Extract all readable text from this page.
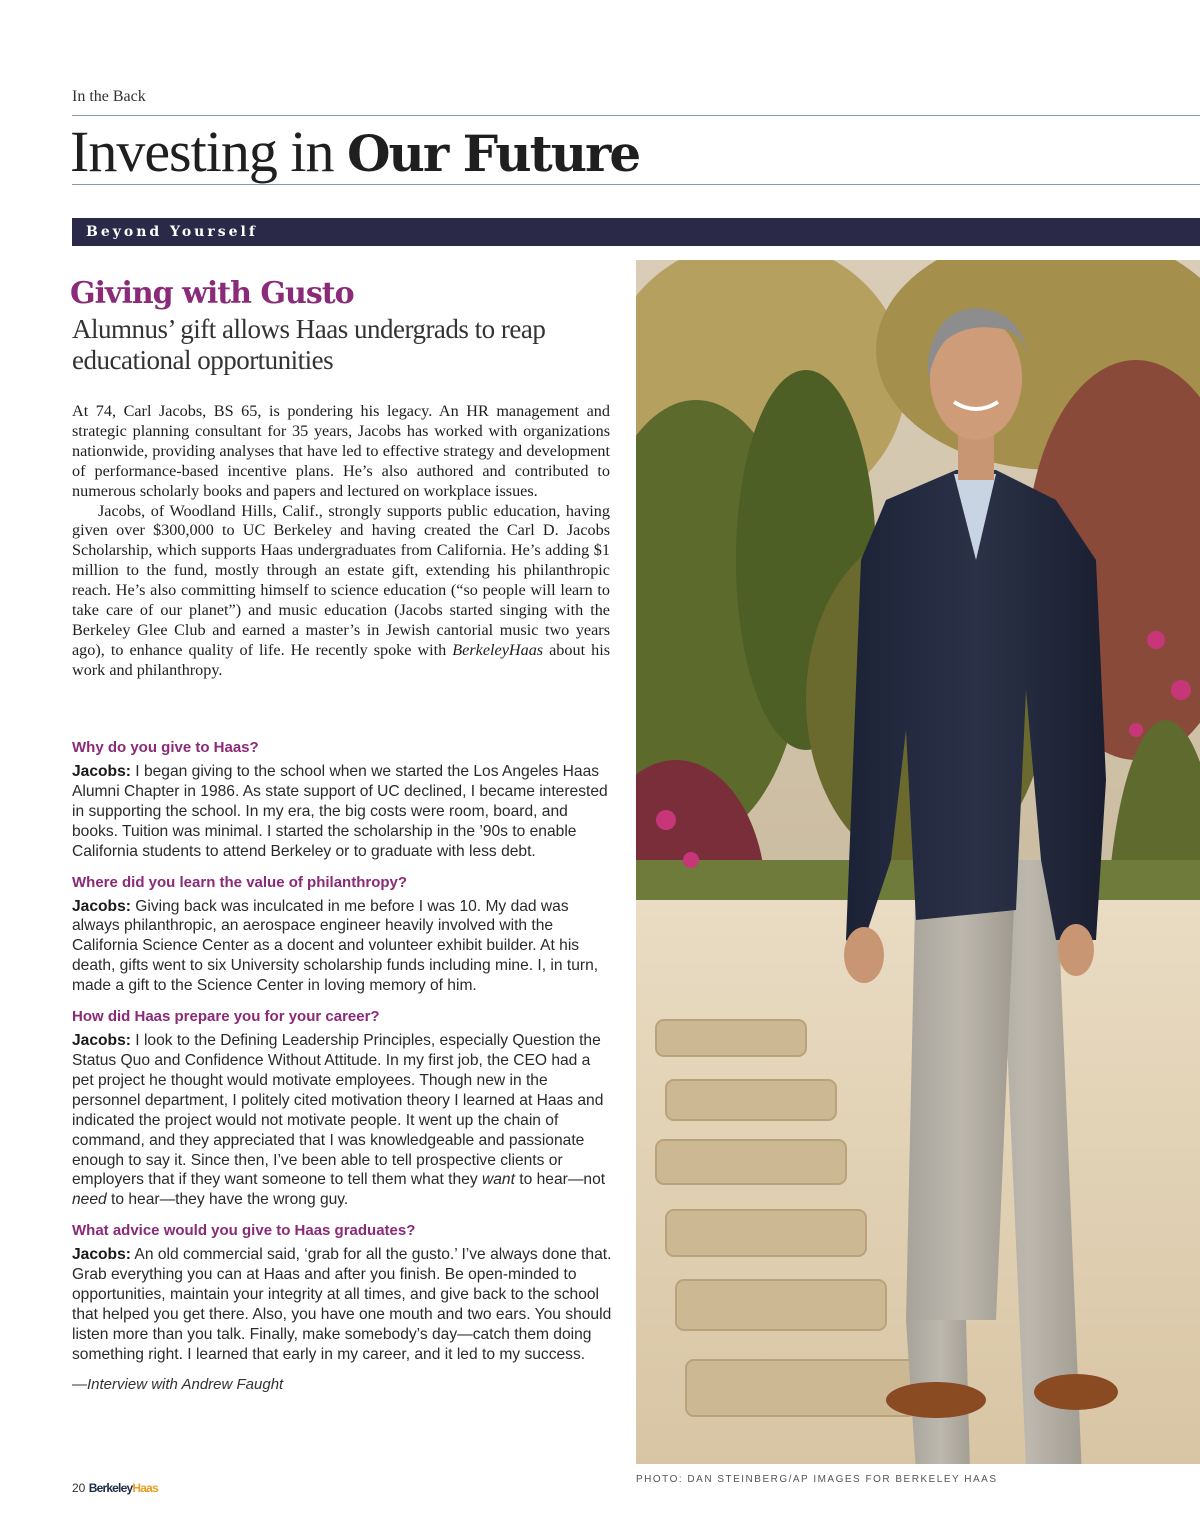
In the Back
Investing in Our Future
Beyond Yourself
Giving with Gusto
Alumnus’ gift allows Haas undergrads to reap educational opportunities

At 74, Carl Jacobs, BS 65, is pondering his legacy. An HR management and strategic planning consultant for 35 years, Jacobs has worked with organizations nationwide, providing analyses that have led to effective strategy and development of performance-based incentive plans. He’s also authored and contributed to numerous scholarly books and papers and lectured on workplace issues.

Jacobs, of Woodland Hills, Calif., strongly supports public education, having given over $300,000 to UC Berkeley and having created the Carl D. Jacobs Scholarship, which supports Haas undergraduates from California. He’s adding $1 million to the fund, mostly through an estate gift, extending his philanthropic reach. He’s also committing himself to science education (“so people will learn to take care of our planet”) and music education (Jacobs started singing with the Berkeley Glee Club and earned a master’s in Jewish cantorial music two years ago), to enhance quality of life. He recently spoke with BerkeleyHaas about his work and philanthropy.

Why do you give to Haas?

Jacobs: I began giving to the school when we started the Los Angeles Haas Alumni Chapter in 1986. As state support of UC declined, I became interested in supporting the school. In my era, the big costs were room, board, and books. Tuition was minimal. I started the scholarship in the ’90s to enable California students to attend Berkeley or to graduate with less debt.

Where did you learn the value of philanthropy?

Jacobs: Giving back was inculcated in me before I was 10. My dad was always philanthropic, an aerospace engineer heavily involved with the California Science Center as a docent and volunteer exhibit builder. At his death, gifts went to six University scholarship funds including mine. I, in turn, made a gift to the Science Center in loving memory of him.

How did Haas prepare you for your career?

Jacobs: I look to the Defining Leadership Principles, especially Question the Status Quo and Confidence Without Attitude. In my first job, the CEO had a pet project he thought would motivate employees. Though new in the personnel department, I politely cited motivation theory I learned at Haas and indicated the project would not motivate people. It went up the chain of command, and they appreciated that I was knowledgeable and passionate enough to say it. Since then, I’ve been able to tell prospective clients or employers that if they want someone to tell them what they want to hear—not need to hear—they have the wrong guy.

What advice would you give to Haas graduates?

Jacobs: An old commercial said, ‘grab for all the gusto.’ I’ve always done that. Grab everything you can at Haas and after you finish. Be open-minded to opportunities, maintain your integrity at all times, and give back to the school that helped you get there. Also, you have one mouth and two ears. You should listen more than you talk. Finally, make somebody’s day—catch them doing something right. I learned that early in my career, and it led to my success.

—Interview with Andrew Faught

PHOTO: DAN STEINBERG/AP IMAGES FOR BERKELEY HAAS
20 BerkeleyHaas
